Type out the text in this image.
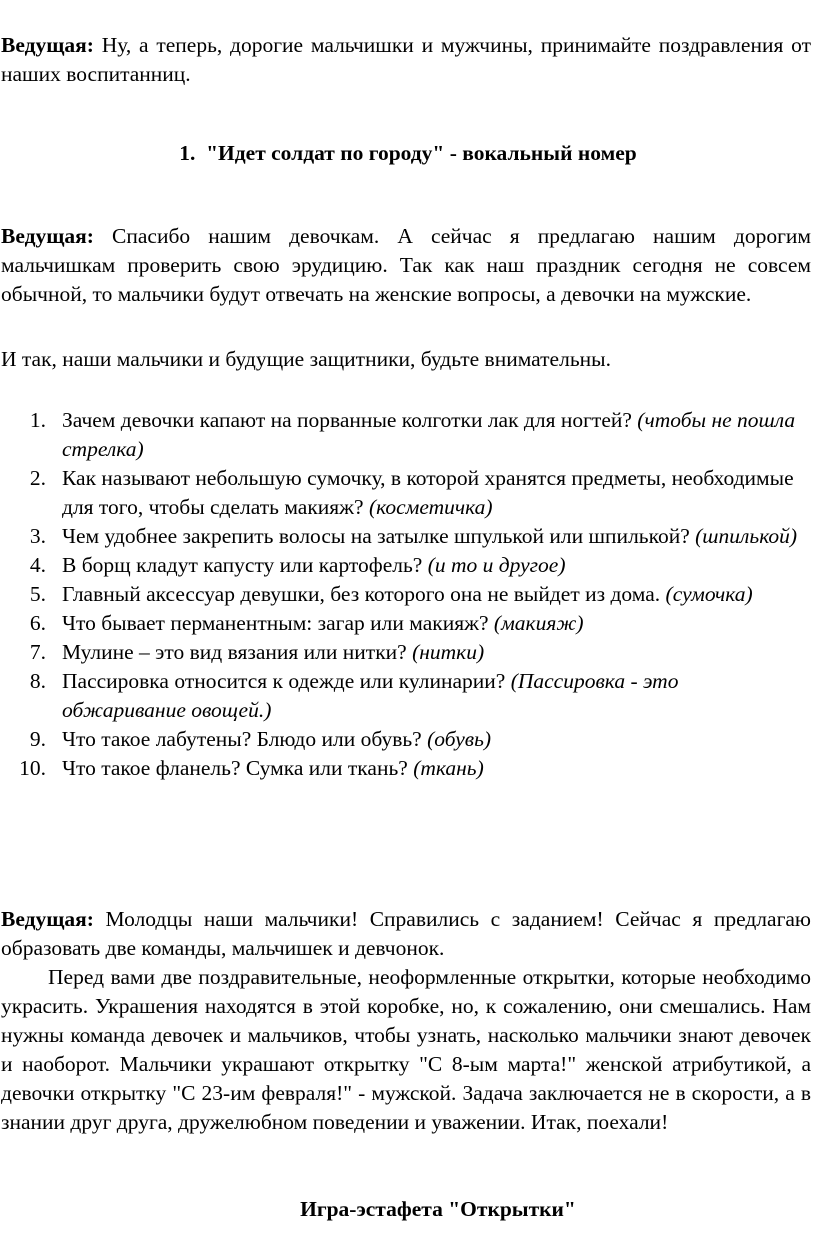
Ведущая: Ну, а теперь, дорогие мальчишки и мужчины, принимайте поздравления от наших воспитанниц.

1. "Идет солдат по городу" - вокальный номер

Ведущая: Спасибо нашим девочкам. А сейчас я предлагаю нашим дорогим мальчишкам проверить свою эрудицию. Так как наш праздник сегодня не совсем обычной, то мальчики будут отвечать на женские вопросы, а девочки на мужские.

И так, наши мальчики и будущие защитники, будьте внимательны.

1. Зачем девочки капают на порванные колготки лак для ногтей? (чтобы не пошла стрелка)
2. Как называют небольшую сумочку, в которой хранятся предметы, необходимые для того, чтобы сделать макияж? (косметичка)
3. Чем удобнее закрепить волосы на затылке шпулькой или шпилькой? (шпилькой)
4. В борщ кладут капусту или картофель? (и то и другое)
5. Главный аксессуар девушки, без которого она не выйдет из дома. (сумочка)
6. Что бывает перманентным: загар или макияж? (макияж)
7. Мулине – это вид вязания или нитки? (нитки)
8. Пассировка относится к одежде или кулинарии? (Пассировка - это обжаривание овощей.)
9. Что такое лабутены? Блюдо или обувь? (обувь)
10. Что такое фланель? Сумка или ткань? (ткань)

Ведущая: Молодцы наши мальчики! Справились с заданием! Сейчас я предлагаю образовать две команды, мальчишек и девчонок.

Перед вами две поздравительные, неоформленные открытки, которые необходимо украсить. Украшения находятся в этой коробке, но, к сожалению, они смешались. Нам нужны команда девочек и мальчиков, чтобы узнать, насколько мальчики знают девочек и наоборот. Мальчики украшают открытку "С 8-ым марта!" женской атрибутикой, а девочки открытку "С 23-им февраля!" - мужской. Задача заключается не в скорости, а в знании друг друга, дружелюбном поведении и уважении. Итак, поехали!

Игра-эстафета "Открытки"
